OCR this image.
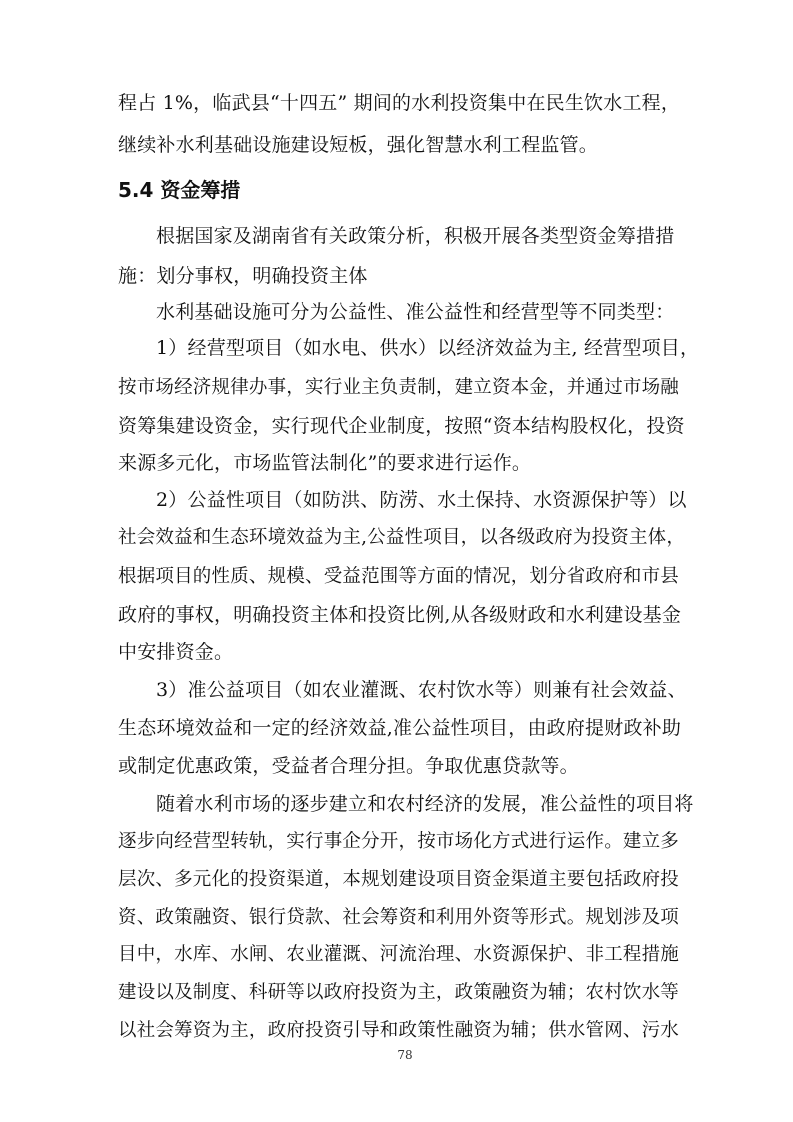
程占 1%，临武县“十四五” 期间的水利投资集中在民生饮水工程，
继续补水利基础设施建设短板，强化智慧水利工程监管。
5.4 资金筹措
根据国家及湖南省有关政策分析，积极开展各类型资金筹措措
施：划分事权，明确投资主体
水利基础设施可分为公益性、准公益性和经营型等不同类型：
1）经营型项目（如水电、供水）以经济效益为主, 经营型项目，
按市场经济规律办事，实行业主负责制，建立资本金，并通过市场融
资筹集建设资金，实行现代企业制度，按照“资本结构股权化，投资
来源多元化，市场监管法制化”的要求进行运作。
2）公益性项目（如防洪、防涝、水土保持、水资源保护等）以
社会效益和生态环境效益为主,公益性项目，以各级政府为投资主体，
根据项目的性质、规模、受益范围等方面的情况，划分省政府和市县
政府的事权，明确投资主体和投资比例,从各级财政和水利建设基金
中安排资金。
3）准公益项目（如农业灌溉、农村饮水等）则兼有社会效益、
生态环境效益和一定的经济效益,准公益性项目，由政府提财政补助
或制定优惠政策，受益者合理分担。争取优惠贷款等。
随着水利市场的逐步建立和农村经济的发展，准公益性的项目将
逐步向经营型转轨，实行事企分开，按市场化方式进行运作。建立多
层次、多元化的投资渠道，本规划建设项目资金渠道主要包括政府投
资、政策融资、银行贷款、社会筹资和利用外资等形式。规划涉及项
目中，水库、水闸、农业灌溉、河流治理、水资源保护、非工程措施
建设以及制度、科研等以政府投资为主，政策融资为辅；农村饮水等
以社会筹资为主，政府投资引导和政策性融资为辅；供水管网、污水
78
